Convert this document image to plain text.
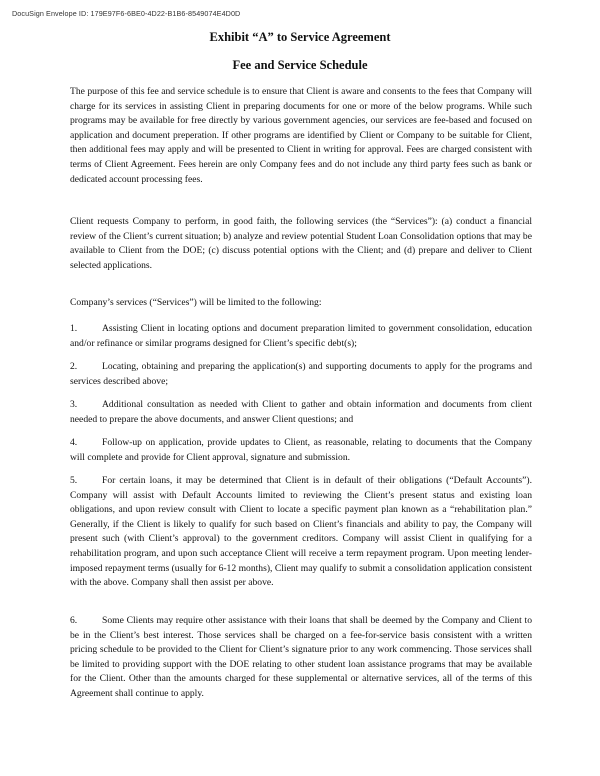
DocuSign Envelope ID: 179E97F6-6BE0-4D22-B1B6-8549074E4D0D
Exhibit “A” to Service Agreement
Fee and Service Schedule

The purpose of this fee and service schedule is to ensure that Client is aware and consents to the fees that Company will charge for its services in assisting Client in preparing documents for one or more of the below programs. While such programs may be available for free directly by various government agencies, our services are fee-based and focused on application and document preperation. If other programs are identified by Client or Company to be suitable for Client, then additional fees may apply and will be presented to Client in writing for approval. Fees are charged consistent with terms of Client Agreement. Fees herein are only Company fees and do not include any third party fees such as bank or dedicated account processing fees.

Client requests Company to perform, in good faith, the following services (the “Services”): (a) conduct a financial review of the Client’s current situation; b) analyze and review potential Student Loan Consolidation options that may be available to Client from the DOE; (c) discuss potential options with the Client; and (d) prepare and deliver to Client selected applications.

Company’s services (“Services”) will be limited to the following:

1.	Assisting Client in locating options and document preparation limited to government consolidation, education and/or refinance or similar programs designed for Client’s specific debt(s);

2.	Locating, obtaining and preparing the application(s) and supporting documents to apply for the programs and services described above;

3.	Additional consultation as needed with Client to gather and obtain information and documents from client needed to prepare the above documents, and answer Client questions; and

4.	Follow-up on application, provide updates to Client, as reasonable, relating to documents that the Company will complete and provide for Client approval, signature and submission.

5.	For certain loans, it may be determined that Client is in default of their obligations (“Default Accounts”). Company will assist with Default Accounts limited to reviewing the Client’s present status and existing loan obligations, and upon review consult with Client to locate a specific payment plan known as a “rehabilitation plan.” Generally, if the Client is likely to qualify for such based on Client’s financials and ability to pay, the Company will present such (with Client’s approval) to the government creditors. Company will assist Client in qualifying for a rehabilitation program, and upon such acceptance Client will receive a term repayment program. Upon meeting lender-imposed repayment terms (usually for 6-12 months), Client may qualify to submit a consolidation application consistent with the above. Company shall then assist per above.

6.	Some Clients may require other assistance with their loans that shall be deemed by the Company and Client to be in the Client’s best interest. Those services shall be charged on a fee-for-service basis consistent with a written pricing schedule to be provided to the Client for Client’s signature prior to any work commencing. Those services shall be limited to providing support with the DOE relating to other student loan assistance programs that may be available for the Client. Other than the amounts charged for these supplemental or alternative services, all of the terms of this Agreement shall continue to apply.
